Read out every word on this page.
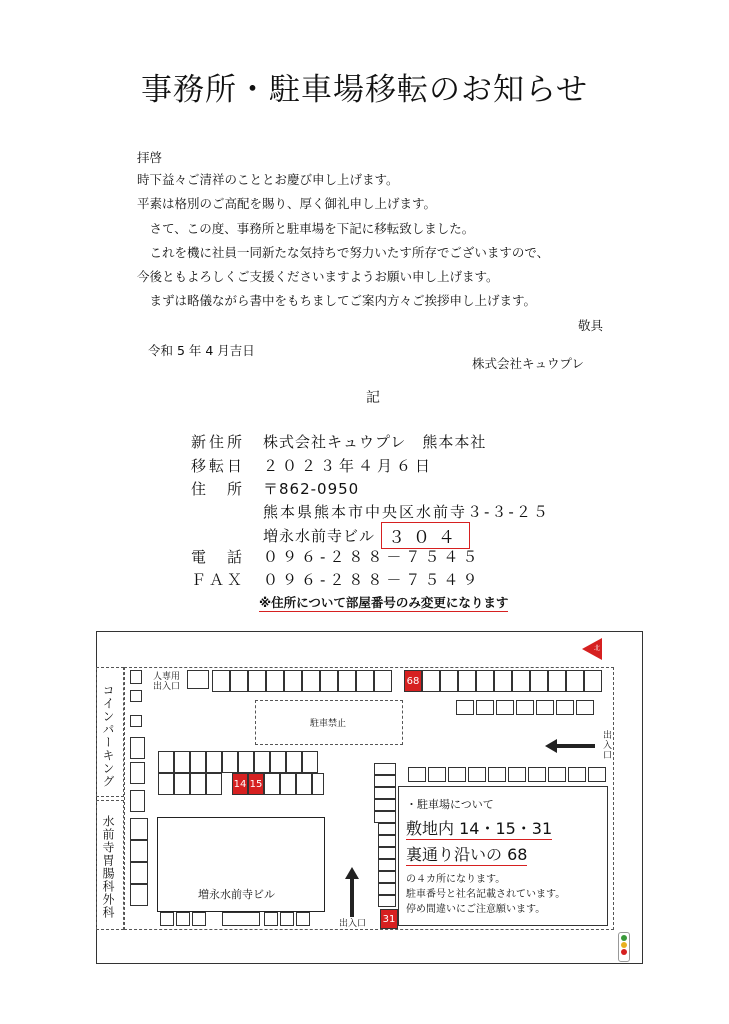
事務所・駐車場移転のお知らせ
拝啓
時下益々ご清祥のこととお慶び申し上げます。
平素は格別のご高配を賜り、厚く御礼申し上げます。
　さて、この度、事務所と駐車場を下記に移転致しました。
　これを機に社員一同新たな気持ちで努力いたす所存でございますので、
今後ともよろしくご支援くださいますようお願い申し上げます。
　まずは略儀ながら書中をもちましてご案内方々ご挨拶申し上げます。
敬具
令和 5 年 4 月吉日
株式会社キュウプレ
記
新住所 株式会社キュウプレ　熊本本社
移転日 ２０２３年４月６日
住　所 〒862-0950
熊本県熊本市中央区水前寺３-３-２５
増永水前寺ビル ３０４
電　話 ０９６-２８８－７５４５
ＦＡＸ ０９６-２８８－７５４９
※住所について部屋番号のみ変更になります
コインパーキング
水前寺胃腸科外科
人専用
出入口
68
駐車禁止
14 15
31
増永水前寺ビル
出入口
出入口
北
・駐車場について
敷地内 14・15・31
裏通り沿いの 68
の４カ所になります。
駐車番号と社名記載されています。
停め間違いにご注意願います。
